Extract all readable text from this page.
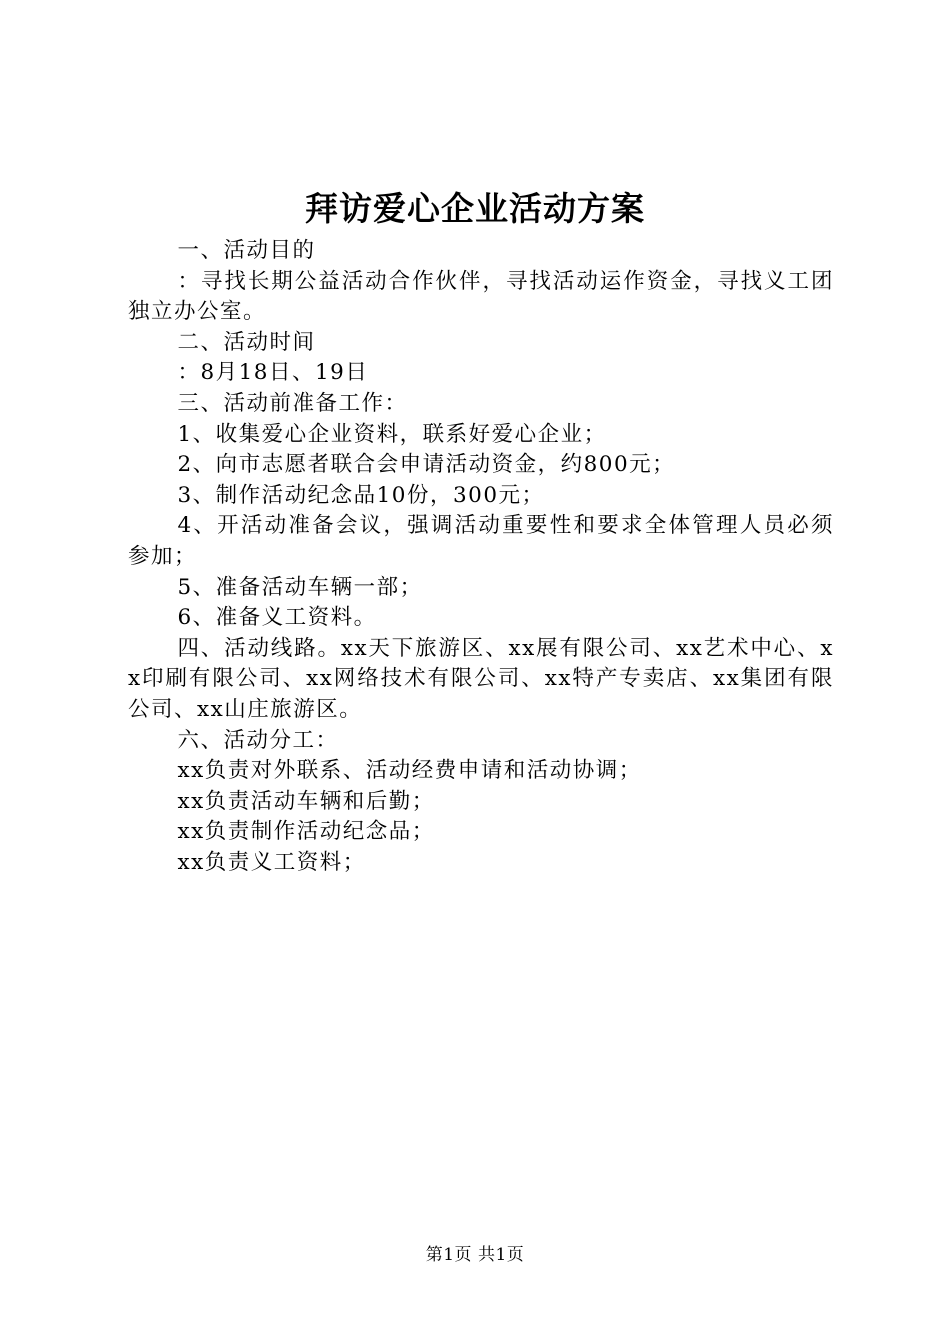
拜访爱心企业活动方案

一、活动目的

：寻找长期公益活动合作伙伴，寻找活动运作资金，寻找义工团独立办公室。

二、活动时间

：8月18日、19日

三、活动前准备工作：

1、收集爱心企业资料，联系好爱心企业；

2、向市志愿者联合会申请活动资金，约800元；

3、制作活动纪念品10份，300元；

4、开活动准备会议，强调活动重要性和要求全体管理人员必须参加；

5、准备活动车辆一部；

6、准备义工资料。

四、活动线路。xx天下旅游区、xx展有限公司、xx艺术中心、xx印刷有限公司、xx网络技术有限公司、xx特产专卖店、xx集团有限公司、xx山庄旅游区。

六、活动分工：

xx负责对外联系、活动经费申请和活动协调；

xx负责活动车辆和后勤；

xx负责制作活动纪念品；

xx负责义工资料；

第1页 共1页
